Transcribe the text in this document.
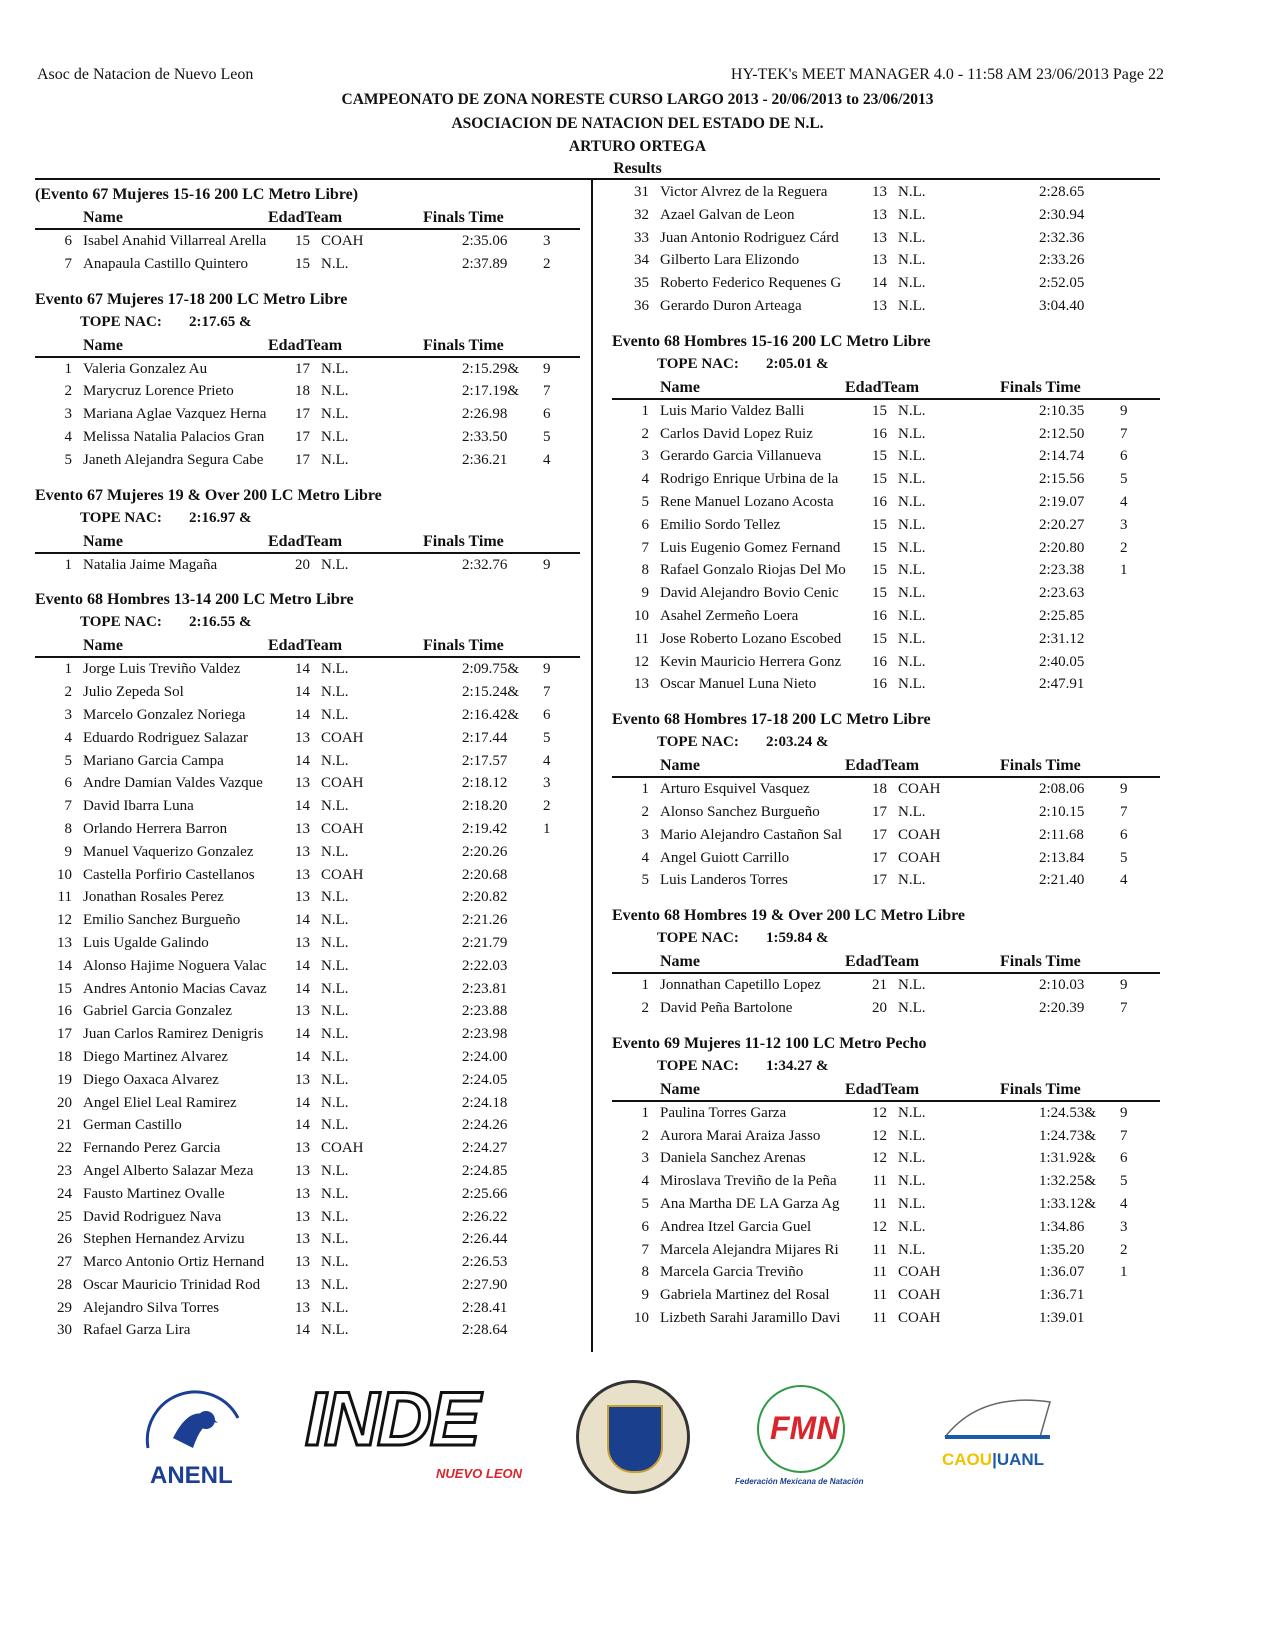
Asoc de Natacion de Nuevo Leon	HY-TEK's MEET MANAGER 4.0 - 11:58 AM 23/06/2013 Page 22
CAMPEONATO DE ZONA NORESTE CURSO LARGO 2013 - 20/06/2013 to 23/06/2013
ASOCIACION DE NATACION DEL ESTADO DE N.L.
ARTURO ORTEGA
Results
(Evento 67 Mujeres 15-16 200 LC Metro Libre)
Name	EdadTeam	Finals Time
6 Isabel Anahid Villarreal Arella	15 COAH	2:35.06 3
7 Anapaula Castillo Quintero	15 N.L.	2:37.89 2
Evento 67 Mujeres 17-18 200 LC Metro Libre
TOPE NAC: 2:17.65 &
Name	EdadTeam	Finals Time
1 Valeria Gonzalez Au	17 N.L.	2:15.29& 9
2 Marycruz Lorence Prieto	18 N.L.	2:17.19& 7
3 Mariana Aglae Vazquez Herna	17 N.L.	2:26.98 6
4 Melissa Natalia Palacios Gran	17 N.L.	2:33.50 5
5 Janeth Alejandra Segura Cabe	17 N.L.	2:36.21 4
Evento 67 Mujeres 19 & Over 200 LC Metro Libre
TOPE NAC: 2:16.97 &
Name	EdadTeam	Finals Time
1 Natalia Jaime Magaña	20 N.L.	2:32.76 9
Evento 68 Hombres 13-14 200 LC Metro Libre
TOPE NAC: 2:16.55 &
Name	EdadTeam	Finals Time
1 Jorge Luis Treviño Valdez	14 N.L.	2:09.75& 9
2 Julio Zepeda Sol	14 N.L.	2:15.24& 7
3 Marcelo Gonzalez Noriega	14 N.L.	2:16.42& 6
4 Eduardo Rodriguez Salazar	13 COAH	2:17.44 5
5 Mariano Garcia Campa	14 N.L.	2:17.57 4
6 Andre Damian Valdes Vazque	13 COAH	2:18.12 3
7 David Ibarra Luna	14 N.L.	2:18.20 2
8 Orlando Herrera Barron	13 COAH	2:19.42 1
9 Manuel Vaquerizo Gonzalez	13 N.L.	2:20.26
10 Castella Porfirio Castellanos	13 COAH	2:20.68
11 Jonathan Rosales Perez	13 N.L.	2:20.82
12 Emilio Sanchez Burgueño	14 N.L.	2:21.26
13 Luis Ugalde Galindo	13 N.L.	2:21.79
14 Alonso Hajime Noguera Valac	14 N.L.	2:22.03
15 Andres Antonio Macias Cavaz	14 N.L.	2:23.81
16 Gabriel Garcia Gonzalez	13 N.L.	2:23.88
17 Juan Carlos Ramirez Denigris	14 N.L.	2:23.98
18 Diego Martinez Alvarez	14 N.L.	2:24.00
19 Diego Oaxaca Alvarez	13 N.L.	2:24.05
20 Angel Eliel Leal Ramirez	14 N.L.	2:24.18
21 German Castillo	14 N.L.	2:24.26
22 Fernando Perez Garcia	13 COAH	2:24.27
23 Angel Alberto Salazar Meza	13 N.L.	2:24.85
24 Fausto Martinez Ovalle	13 N.L.	2:25.66
25 David Rodriguez Nava	13 N.L.	2:26.22
26 Stephen Hernandez Arvizu	13 N.L.	2:26.44
27 Marco Antonio Ortiz Hernand	13 N.L.	2:26.53
28 Oscar Mauricio Trinidad Rod	13 N.L.	2:27.90
29 Alejandro Silva Torres	13 N.L.	2:28.41
30 Rafael Garza Lira	14 N.L.	2:28.64
31 Victor Alvrez de la Reguera	13 N.L.	2:28.65
32 Azael Galvan de Leon	13 N.L.	2:30.94
33 Juan Antonio Rodriguez Cárd	13 N.L.	2:32.36
34 Gilberto Lara Elizondo	13 N.L.	2:33.26
35 Roberto Federico Requenes G	14 N.L.	2:52.05
36 Gerardo Duron Arteaga	13 N.L.	3:04.40
Evento 68 Hombres 15-16 200 LC Metro Libre
TOPE NAC: 2:05.01 &
Name	EdadTeam	Finals Time
1 Luis Mario Valdez Balli	15 N.L.	2:10.35 9
2 Carlos David Lopez Ruiz	16 N.L.	2:12.50 7
3 Gerardo Garcia Villanueva	15 N.L.	2:14.74 6
4 Rodrigo Enrique Urbina de la	15 N.L.	2:15.56 5
5 Rene Manuel Lozano Acosta	16 N.L.	2:19.07 4
6 Emilio Sordo Tellez	15 N.L.	2:20.27 3
7 Luis Eugenio Gomez Fernand	15 N.L.	2:20.80 2
8 Rafael Gonzalo Riojas Del Mo	15 N.L.	2:23.38 1
9 David Alejandro Bovio Cenic	15 N.L.	2:23.63
10 Asahel Zermeño Loera	16 N.L.	2:25.85
11 Jose Roberto Lozano Escobed	15 N.L.	2:31.12
12 Kevin Mauricio Herrera Gonz	16 N.L.	2:40.05
13 Oscar Manuel Luna Nieto	16 N.L.	2:47.91
Evento 68 Hombres 17-18 200 LC Metro Libre
TOPE NAC: 2:03.24 &
Name	EdadTeam	Finals Time
1 Arturo Esquivel Vasquez	18 COAH	2:08.06 9
2 Alonso Sanchez Burgueño	17 N.L.	2:10.15 7
3 Mario Alejandro Castañon Sal	17 COAH	2:11.68 6
4 Angel Guiott Carrillo	17 COAH	2:13.84 5
5 Luis Landeros Torres	17 N.L.	2:21.40 4
Evento 68 Hombres 19 & Over 200 LC Metro Libre
TOPE NAC: 1:59.84 &
Name	EdadTeam	Finals Time
1 Jonnathan Capetillo Lopez	21 N.L.	2:10.03 9
2 David Peña Bartolone	20 N.L.	2:20.39 7
Evento 69 Mujeres 11-12 100 LC Metro Pecho
TOPE NAC: 1:34.27 &
Name	EdadTeam	Finals Time
1 Paulina Torres Garza	12 N.L.	1:24.53& 9
2 Aurora Marai Araiza Jasso	12 N.L.	1:24.73& 7
3 Daniela Sanchez Arenas	12 N.L.	1:31.92& 6
4 Miroslava Treviño de la Peña	11 N.L.	1:32.25& 5
5 Ana Martha DE LA Garza Ag	11 N.L.	1:33.12& 4
6 Andrea Itzel Garcia Guel	12 N.L.	1:34.86 3
7 Marcela Alejandra Mijares Ri	11 N.L.	1:35.20 2
8 Marcela Garcia Treviño	11 COAH	1:36.07 1
9 Gabriela Martinez del Rosal	11 COAH	1:36.71
10 Lizbeth Sarahi Jaramillo Davi	11 COAH	1:39.01
ANENL
INDE
NUEVO LEON
FMN
Federación Mexicana de Natación
CAOU|UANL
